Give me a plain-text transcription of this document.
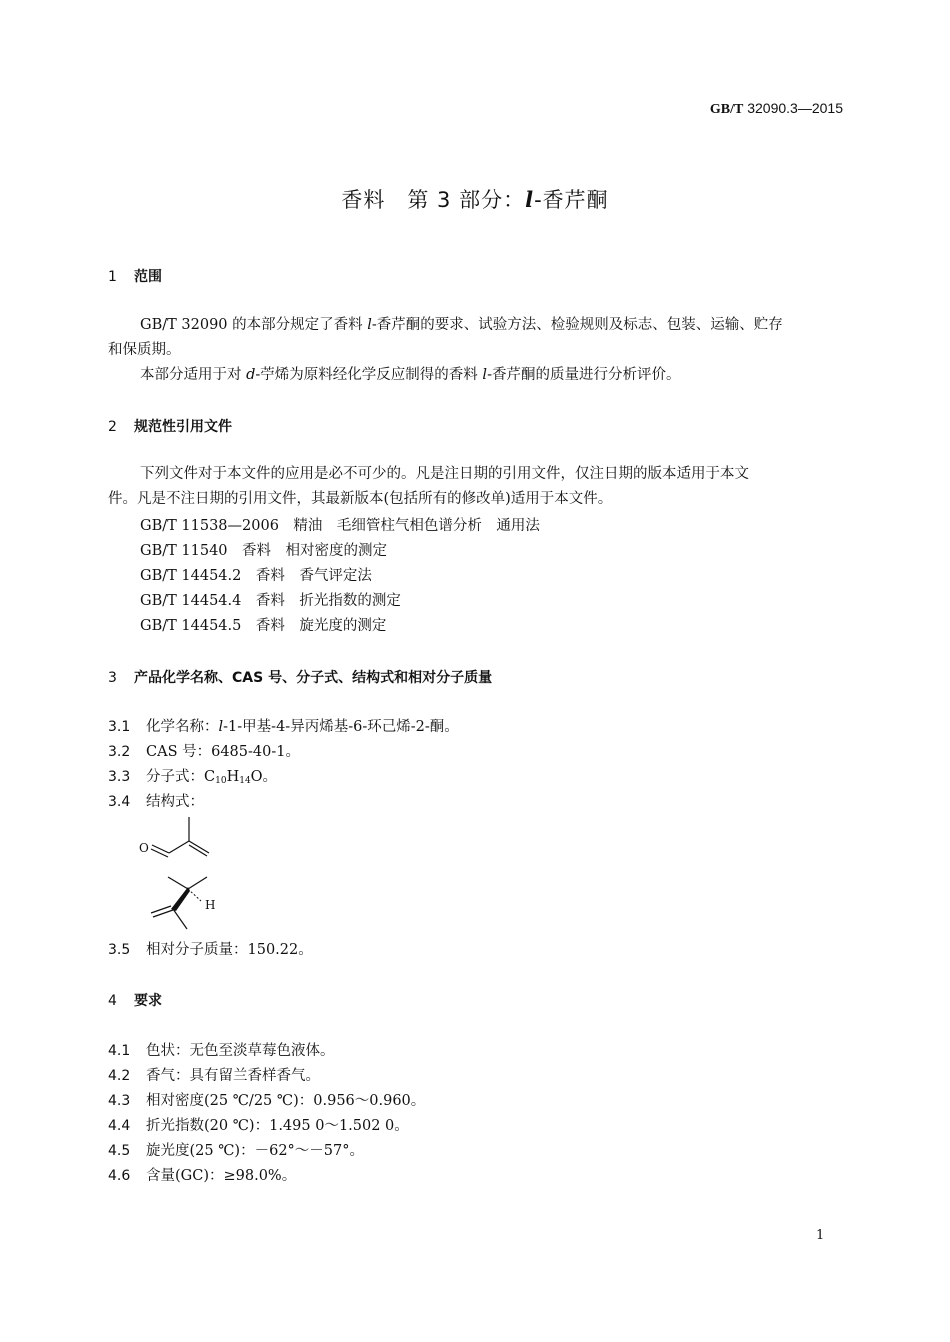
GB/T 32090.3—2015
香料　第 3 部分：l-香芹酮
1 范围
GB/T 32090 的本部分规定了香料 l-香芹酮的要求、试验方法、检验规则及标志、包装、运输、贮存
和保质期。
本部分适用于对 d-苧烯为原料经化学反应制得的香料 l-香芹酮的质量进行分析评价。
2 规范性引用文件
下列文件对于本文件的应用是必不可少的。凡是注日期的引用文件，仅注日期的版本适用于本文
件。凡是不注日期的引用文件，其最新版本(包括所有的修改单)适用于本文件。
GB/T 11538—2006　精油　毛细管柱气相色谱分析　通用法
GB/T 11540　香料　相对密度的测定
GB/T 14454.2　香料　香气评定法
GB/T 14454.4　香料　折光指数的测定
GB/T 14454.5　香料　旋光度的测定
3 产品化学名称、CAS 号、分子式、结构式和相对分子质量
3.1 化学名称：l-1-甲基-4-异丙烯基-6-环己烯-2-酮。
3.2 CAS 号：6485-40-1。
3.3 分子式：$C_{10}H_{14}O$。
3.4 结构式：
O
H
3.5 相对分子质量：150.22。
4 要求
4.1 色状：无色至淡草莓色液体。
4.2 香气：具有留兰香样香气。
4.3 相对密度(25 ℃/25 ℃)：0.956～0.960。
4.4 折光指数(20 ℃)：1.495 0～1.502 0。
4.5 旋光度(25 ℃)：－62°～－57°。
4.6 含量(GC)：≥98.0%。
1
